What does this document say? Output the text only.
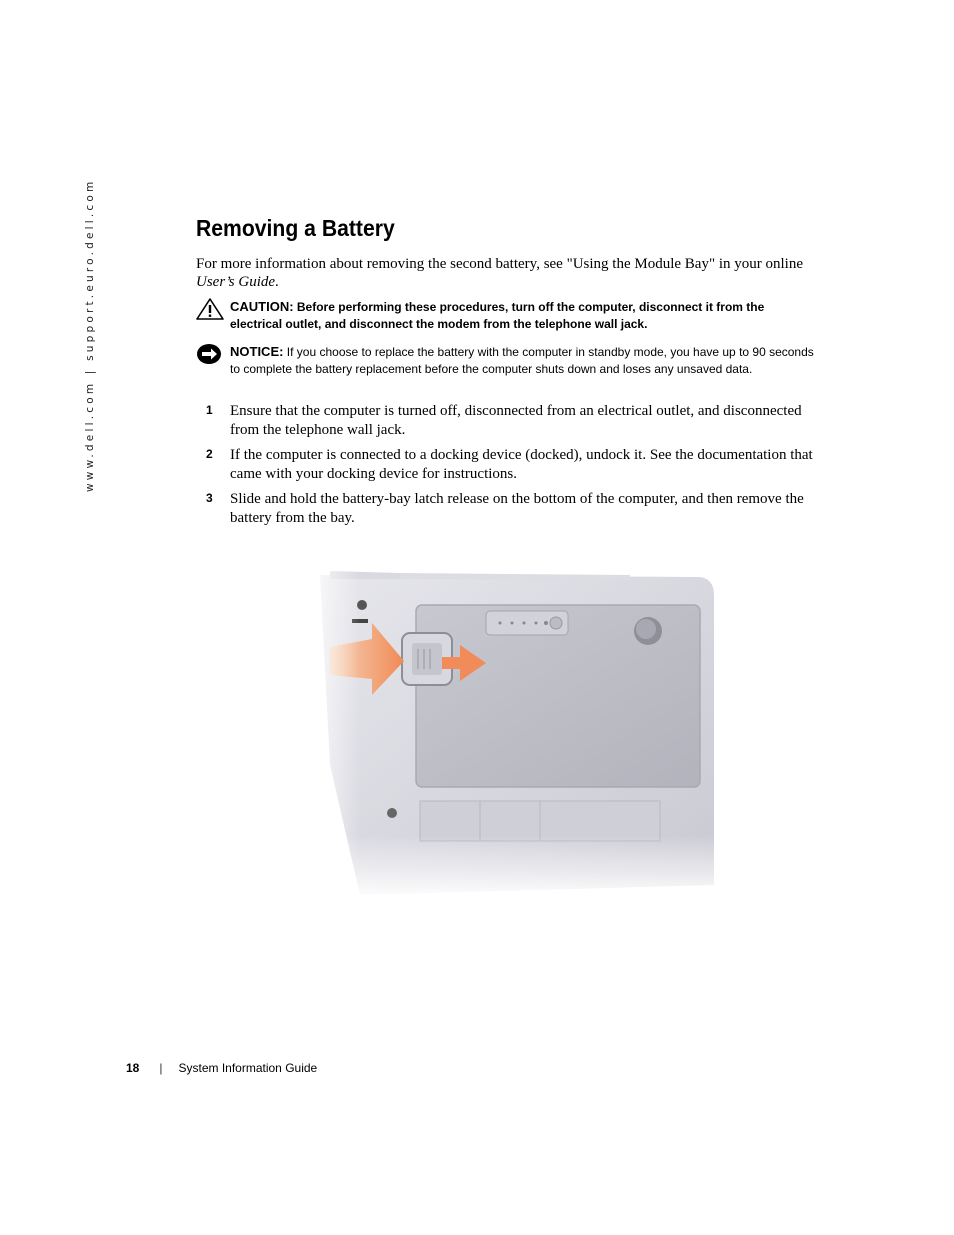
www.dell.com | support.euro.dell.com	Removing a Battery

For more information about removing the second battery, see "Using the Module Bay" in your online User’s Guide.

CAUTION: Before performing these procedures, turn off the computer, disconnect it from the electrical outlet, and disconnect the modem from the telephone wall jack.

NOTICE: If you choose to replace the battery with the computer in standby mode, you have up to 90 seconds to complete the battery replacement before the computer shuts down and loses any unsaved data.

1 Ensure that the computer is turned off, disconnected from an electrical outlet, and disconnected from the telephone wall jack.

2 If the computer is connected to a docking device (docked), undock it. See the documentation that came with your docking device for instructions.

3 Slide and hold the battery-bay latch release on the bottom of the computer, and then remove the battery from the bay.

18 | System Information Guide
